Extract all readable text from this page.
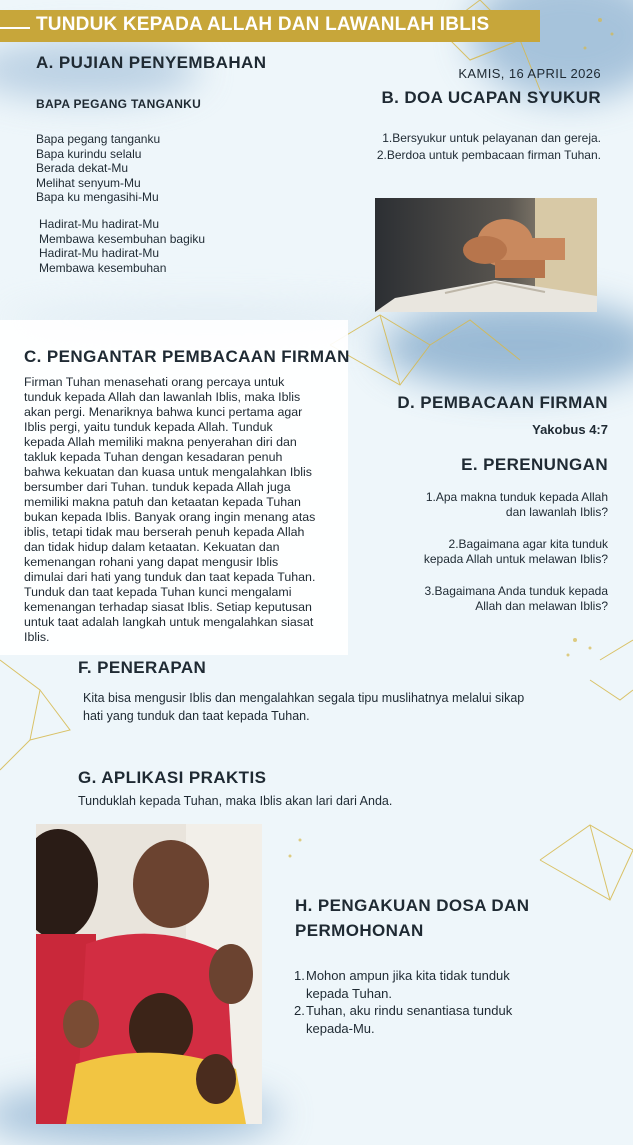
TUNDUK KEPADA ALLAH DAN LAWANLAH IBLIS
A. PUJIAN PENYEMBAHAN
BAPA PEGANG TANGANKU

Bapa pegang tanganku

Bapa kurindu selalu

Berada dekat-Mu

Melihat senyum-Mu

Bapa ku mengasihi-Mu

Hadirat-Mu hadirat-Mu

Membawa kesembuhan bagiku

Hadirat-Mu hadirat-Mu

Membawa kesembuhan

KAMIS, 16 APRIL 2026
B. DOA UCAPAN SYUKUR
1.Bersyukur untuk pelayanan dan gereja.
2.Berdoa untuk pembacaan firman Tuhan.
C. PENGANTAR PEMBACAAN FIRMAN
Firman Tuhan menasehati orang percaya untuk tunduk kepada Allah dan lawanlah Iblis, maka Iblis akan pergi. Menariknya bahwa kunci pertama agar Iblis pergi, yaitu tunduk kepada Allah. Tunduk kepada Allah memiliki makna penyerahan diri dan takluk kepada Tuhan dengan kesadaran penuh bahwa kekuatan dan kuasa untuk mengalahkan Iblis bersumber dari Tuhan. tunduk kepada Allah juga memiliki makna patuh dan ketaatan kepada Tuhan bukan kepada Iblis. Banyak orang ingin menang atas iblis, tetapi tidak mau berserah penuh kepada Allah dan tidak hidup dalam ketaatan. Kekuatan dan kemenangan rohani yang dapat mengusir Iblis dimulai dari hati yang tunduk dan taat kepada Tuhan. Tunduk dan taat kepada Tuhan kunci mengalami kemenangan terhadap siasat Iblis. Setiap keputusan untuk taat adalah langkah untuk mengalahkan siasat Iblis.
D. PEMBACAAN FIRMAN
Yakobus 4:7
E. PERENUNGAN
1.Apa makna tunduk kepada Allah
dan lawanlah Iblis?
2.Bagaimana agar kita tunduk
kepada Allah untuk melawan Iblis?
3.Bagaimana Anda tunduk kepada
Allah dan melawan Iblis?
F. PENERAPAN
Kita bisa mengusir Iblis dan mengalahkan segala tipu muslihatnya melalui sikap
hati yang tunduk dan taat kepada Tuhan.
G. APLIKASI PRAKTIS
Tunduklah kepada Tuhan, maka Iblis akan lari dari Anda.
H. PENGAKUAN DOSA DAN
PERMOHONAN
1. Mohon ampun jika kita tidak tunduk
kepada Tuhan.
2. Tuhan, aku rindu senantiasa tunduk
kepada-Mu.
